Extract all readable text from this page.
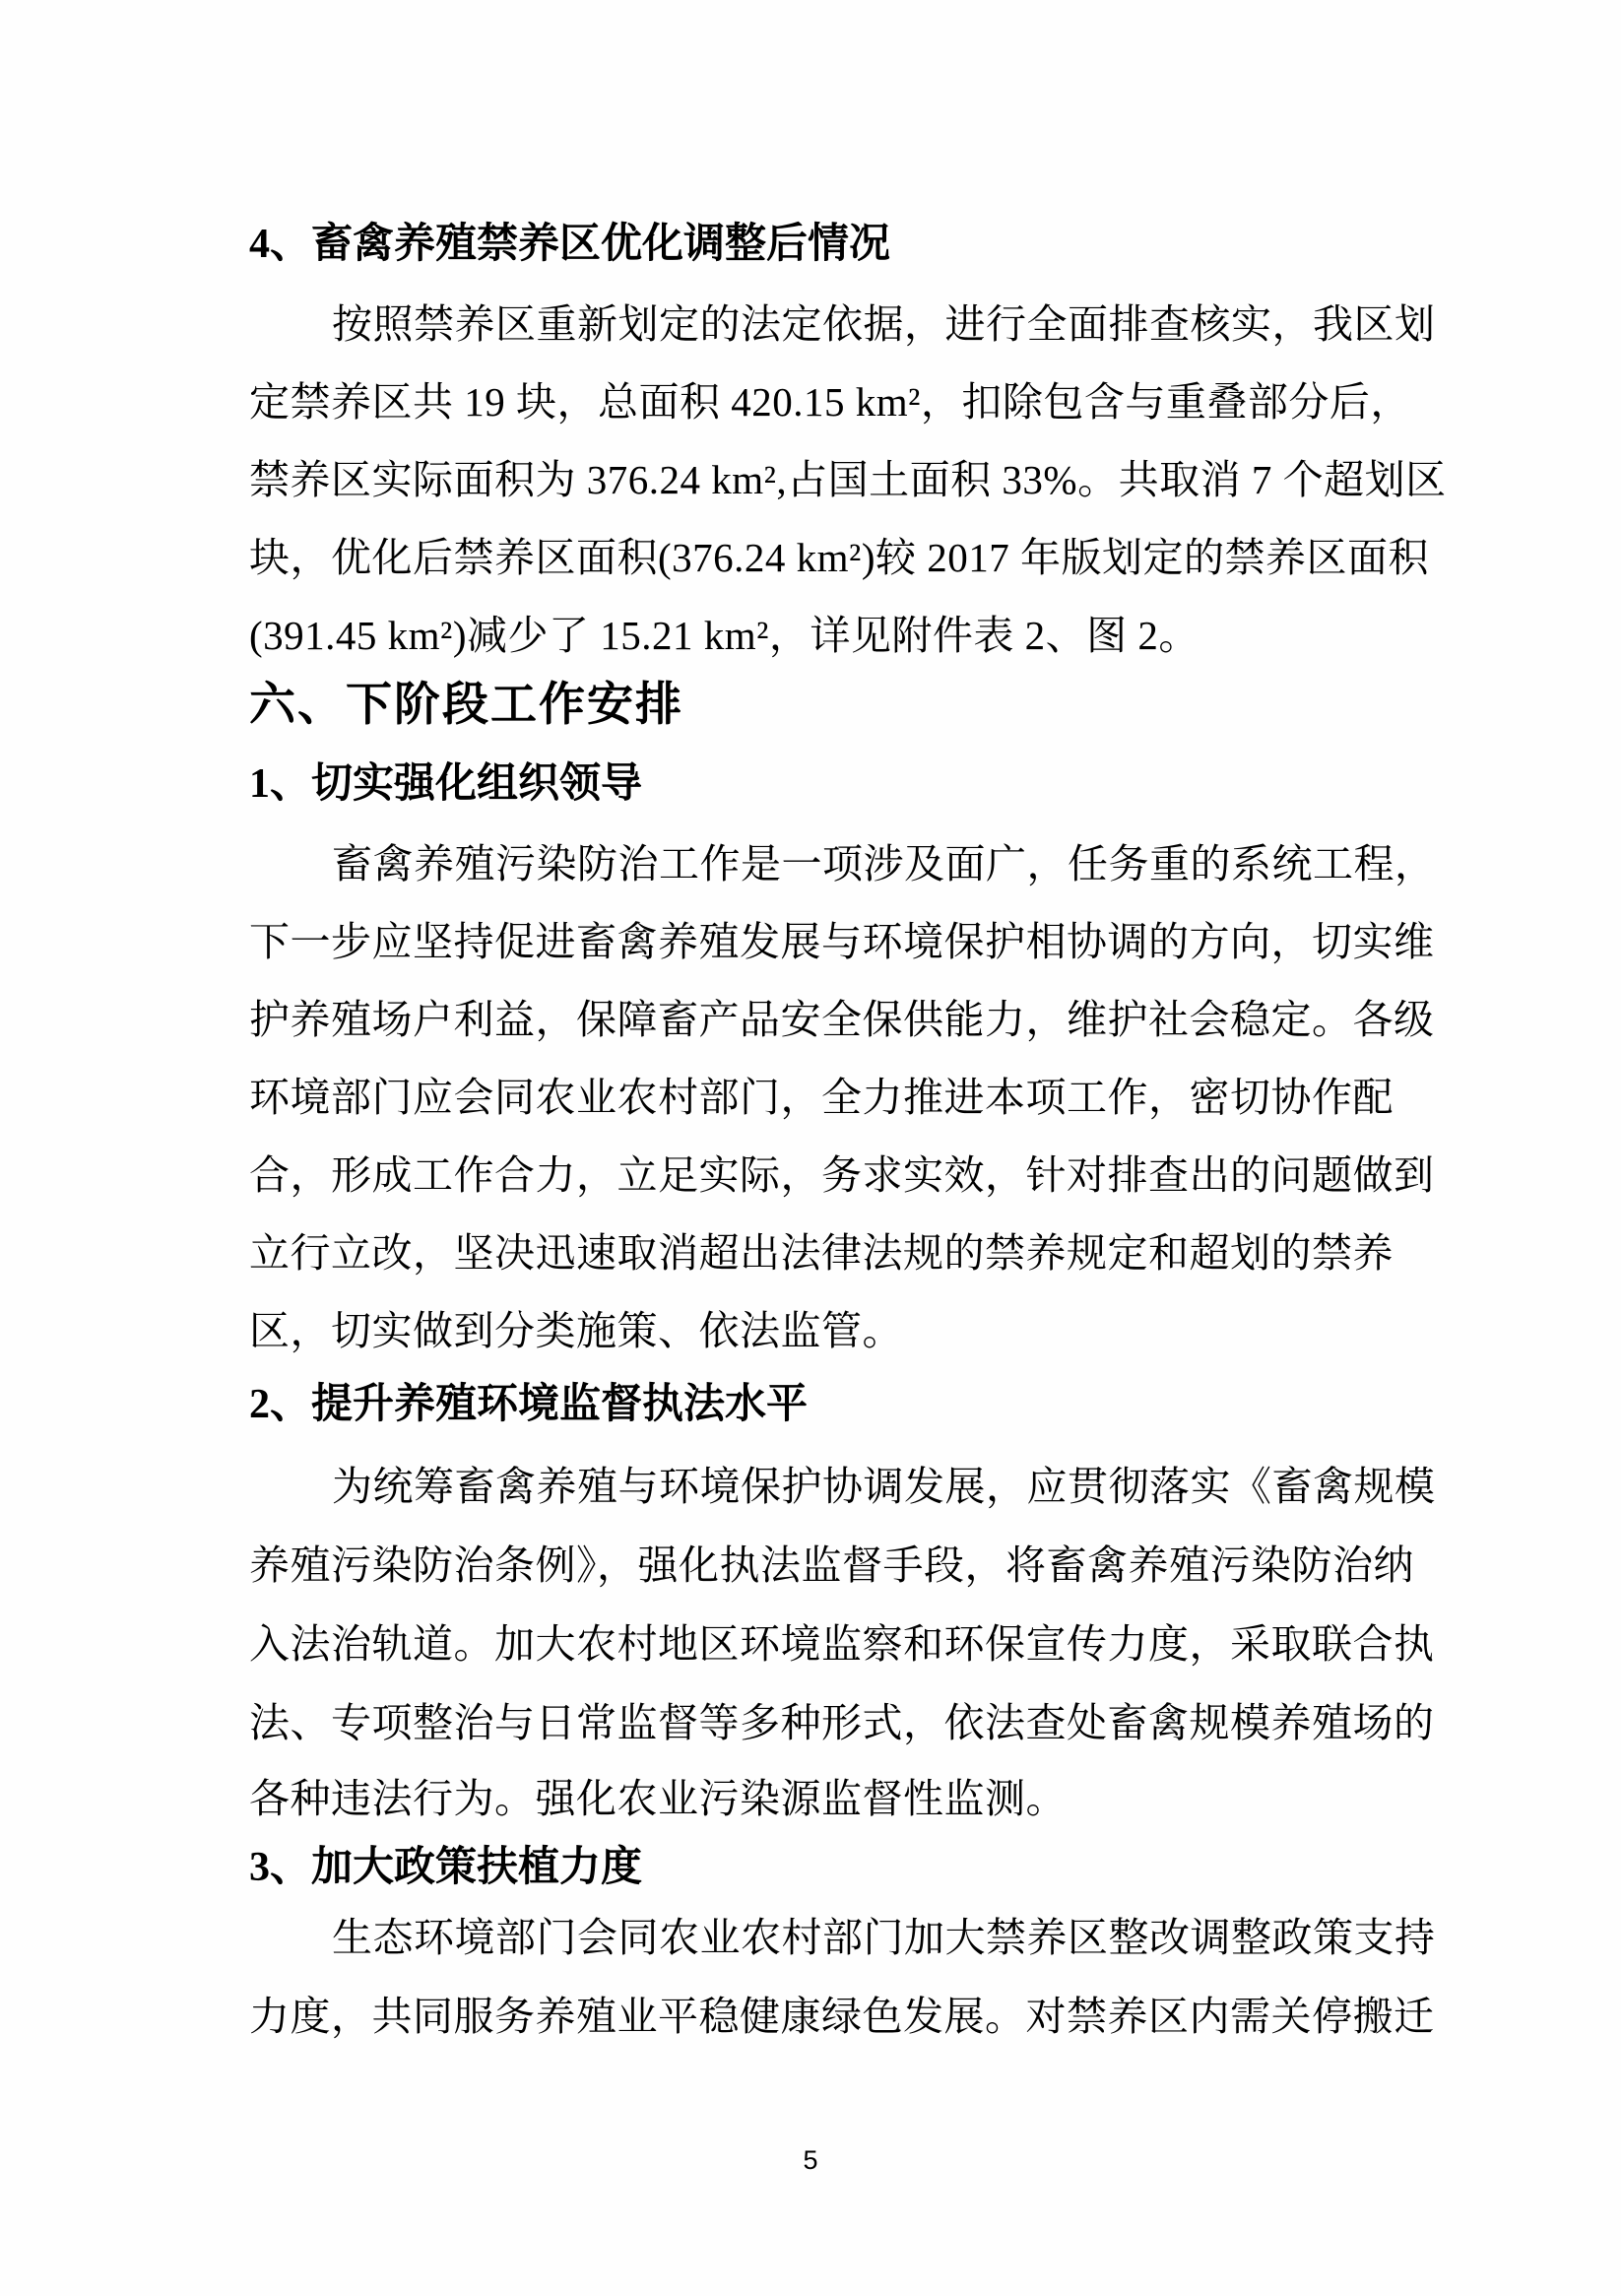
4、畜禽养殖禁养区优化调整后情况
按照禁养区重新划定的法定依据，进行全面排查核实，我区划
定禁养区共 19 块，总面积 420.15 km²，扣除包含与重叠部分后，
禁养区实际面积为 376.24 km²,占国土面积 33%。共取消 7 个超划区
块，优化后禁养区面积(376.24 km²)较 2017 年版划定的禁养区面积
(391.45 km²)减少了 15.21 km²，详见附件表 2、图 2。
六、下阶段工作安排
1、切实强化组织领导
畜禽养殖污染防治工作是一项涉及面广，任务重的系统工程，
下一步应坚持促进畜禽养殖发展与环境保护相协调的方向，切实维
护养殖场户利益，保障畜产品安全保供能力，维护社会稳定。各级
环境部门应会同农业农村部门，全力推进本项工作，密切协作配
合，形成工作合力，立足实际，务求实效，针对排查出的问题做到
立行立改，坚决迅速取消超出法律法规的禁养规定和超划的禁养
区，切实做到分类施策、依法监管。
2、提升养殖环境监督执法水平
为统筹畜禽养殖与环境保护协调发展，应贯彻落实《畜禽规模
养殖污染防治条例》，强化执法监督手段，将畜禽养殖污染防治纳
入法治轨道。加大农村地区环境监察和环保宣传力度，采取联合执
法、专项整治与日常监督等多种形式，依法查处畜禽规模养殖场的
各种违法行为。强化农业污染源监督性监测。
3、加大政策扶植力度
生态环境部门会同农业农村部门加大禁养区整改调整政策支持
力度，共同服务养殖业平稳健康绿色发展。对禁养区内需关停搬迁
5
